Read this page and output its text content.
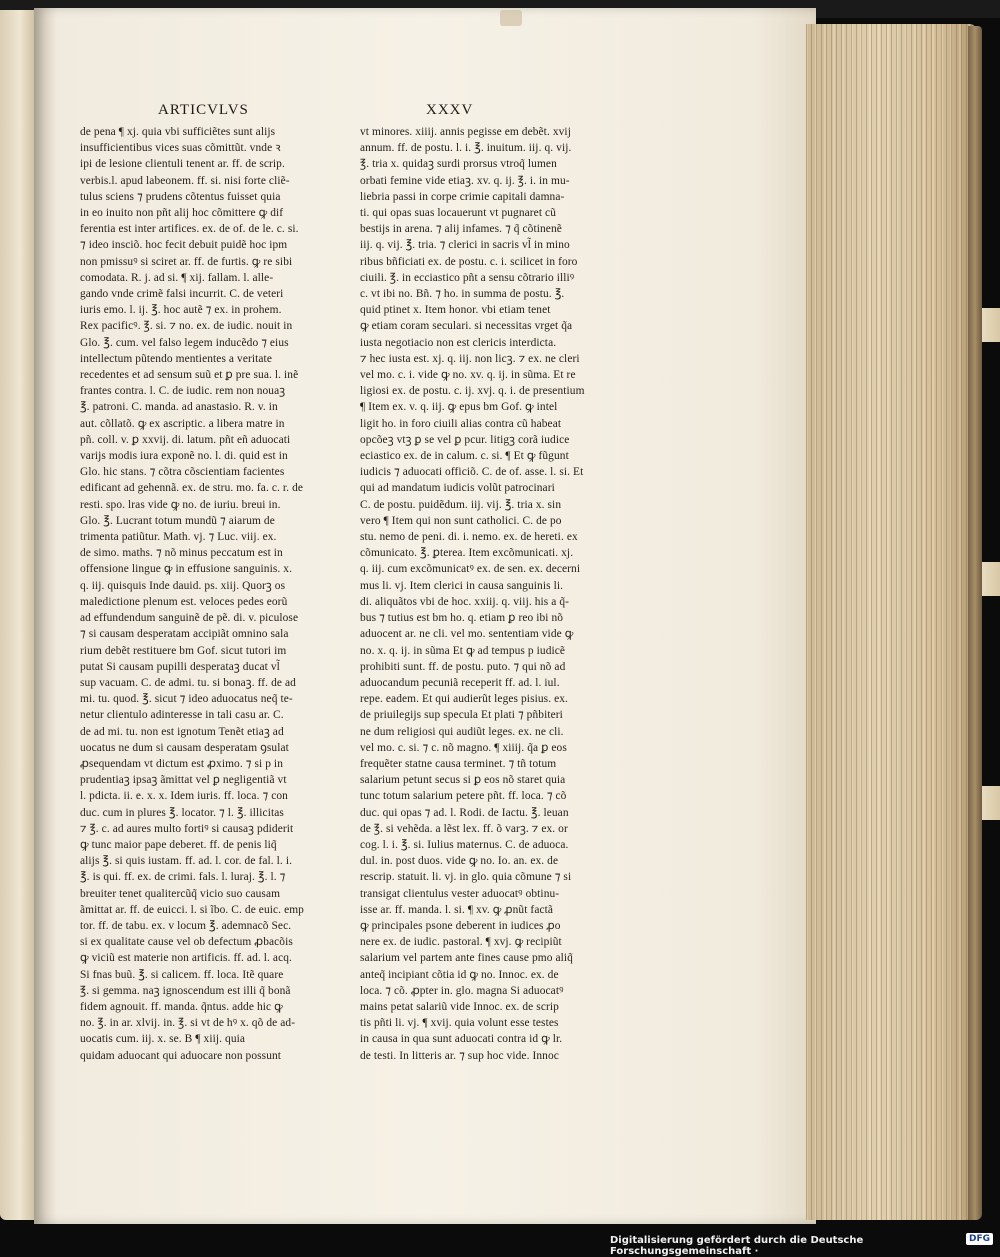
ARTICVLVS	XXXV
de pena ¶ xj. quia vbi sufficiẽtes sunt alijs
insufficientibus vices suas cõmittũt. vnde ꝛ
ipi de lesione clientuli tenent ar. ff. de scrip.
verbis.l. apud labeonem. ff. si. nisi forte cliẽ-
tulus sciens ⁊ prudens cõtentus fuisset quia
in eo inuito non pñt alij hoc cõmittere ꝙ dif
ferentia est inter artifices. ex. de of. de le. c. si.
⁊ ideo insciõ. hoc fecit debuit puidẽ hoc ipm
non pmissuꝰ si sciret ar. ff. de furtis. ꝙ re sibi
comodata. R. j. ad si. ¶ xij. fallam. l. alle-
gando vnde crimẽ falsi incurrit. C. de veteri
iuris emo. l. ij. ℥. hoc autẽ ⁊ ex. in prohem.
Rex pacificꝰ. ℥. si. ⁊ no. ex. de iudic. nouit in
Glo. ℥. cum. vel falso legem inducẽdo ⁊ eius
intellectum pũtendo mentientes a veritate
recedentes et ad sensum suũ et ꝑ pre sua. l. inẽ
frantes contra. l. C. de iudic. rem non nouaꝫ
℥. patroni. C. manda. ad anastasio. R. v. in
aut. cõllatõ. ꝙ ex ascriptic. a libera matre in
pñ. coll. v. ꝑ xxvij. di. latum. pñt eñ aduocati
varijs modis iura exponẽ no. l. di. quid est in
Glo. hic stans. ⁊ cõtra cõscientiam facientes
edificant ad gehennã. ex. de stru. mo. fa. c. r. de
resti. spo. lras vide ꝙ no. de iuriu. breui in.
Glo. ℥. Lucrant totum mundũ ⁊ aiarum de
trimenta patiũtur. Math. vj. ⁊ Luc. viij. ex.
de simo. maths. ⁊ nõ minus peccatum est in
offensione lingue ꝙ in effusione sanguinis. x.
q. iij. quisquis Inde dauid. ps. xiij. Quorꝫ os
maledictione plenum est. veloces pedes eorũ
ad effundendum sanguinẽ de pẽ. di. v. piculose
⁊ si causam desperatam accipiãt omnino sala
rium debẽt restituere bm Gof. sicut tutori im
putat Si causam pupilli desperataꝫ ducat vl̃
sup vacuam. C. de admi. tu. si bonaꝫ. ff. de ad
mi. tu. quod. ℥. sicut ⁊ ideo aduocatus neq̃ te-
netur clientulo adinteresse in tali casu ar. C.
de ad mi. tu. non est ignotum Tenẽt etiaꝫ ad
uocatus ne dum si causam desperatam ꝯsulat
ꝓsequendam vt dictum est ꝓximo. ⁊ si p in
prudentiaꝫ ipsaꝫ ãmittat vel ꝑ negligentiã vt
l. pdicta. ii. e. x. x. Idem iuris. ff. loca. ⁊ con
duc. cum in plures ℥. locator. ⁊ l. ℥. illicitas
⁊ ℥. c. ad aures multo fortiꝰ si causaꝫ pdiderit
ꝙ tunc maior pape deberet. ff. de penis liq̃
alijs ℥. si quis iustam. ff. ad. l. cor. de fal. l. i.
℥. is qui. ff. ex. de crimi. fals. l. luraj. ℥. l. ⁊
breuiter tenet qualitercũq̃ vicio suo causam
ãmittat ar. ff. de euicci. l. si ĩbo. C. de euic. emp
tor. ff. de tabu. ex. v locum ℥. ademnacõ Sec.
si ex qualitate cause vel ob defectum ꝓbacõis
ꝙ viciũ est materie non artificis. ff. ad. l. acq.
Si fnas buũ. ℥. si calicem. ff. loca. Itẽ quare
℥. si gemma. naꝫ ignoscendum est illi q̃ bonã
fidem agnouit. ff. manda. q̃ntus. adde hic ꝙ
no. ℥. in ar. xlvij. in. ℥. si vt de hꝰ x. qõ de ad-
uocatis cum. iij. x. se. B ¶ xiij. quia
quidam aduocant qui aduocare non possunt
vt minores. xiiij. annis pegisse em debẽt. xvij
annum. ff. de postu. l. i. ℥. inuitum. iij. q. vij.
℥. tria x. quidaꝫ surdi prorsus vtroq̃ lumen
orbati femine vide etiaꝫ. xv. q. ij. ℥. i. in mu-
liebria passi in corpe crimie capitali damna-
ti. qui opas suas locauerunt vt pugnaret cũ
bestijs in arena. ⁊ alij infames. ⁊ q̃ cõtinenẽ
iij. q. vij. ℥. tria. ⁊ clerici in sacris vl̃ in mino
ribus bñficiati ex. de postu. c. i. scilicet in foro
ciuili. ℥. in ecciastico pñt a sensu cõtrario illiꝰ
c. vt ibi no. Bñ. ⁊ ho. in summa de postu. ℥.
quid ptinet x. Item honor. vbi etiam tenet
ꝙ etiam coram seculari. si necessitas vrget q̃a
iusta negotiacio non est clericis interdicta.
⁊ hec iusta est. xj. q. iij. non licꝫ. ⁊ ex. ne cleri
vel mo. c. i. vide ꝙ no. xv. q. ij. in sũma. Et re
ligiosi ex. de postu. c. ij. xvj. q. i. de presentium
¶ Item ex. v. q. iij. ꝙ epus bm Gof. ꝙ intel
ligit ho. in foro ciuili alias contra cũ habeat
opcõeꝫ vtꝫ ꝑ se vel ꝑ pcur. litigꝫ corã iudice
eciastico ex. de in calum. c. si. ¶ Et ꝙ fũgunt
iudicis ⁊ aduocati officiõ. C. de of. asse. l. si. Et
qui ad mandatum iudicis volũt patrocinari
C. de postu. puidẽdum. iij. vij. ℥. tria x. sin
vero ¶ Item qui non sunt catholici. C. de po
stu. nemo de peni. di. i. nemo. ex. de hereti. ex
cõmunicato. ℥. ꝑterea. Item excõmunicati. xj.
q. iij. cum excõmunicatꝰ ex. de sen. ex. decerni
mus li. vj. Item clerici in causa sanguinis li.
di. aliquãtos vbi de hoc. xxiij. q. viij. his a q̃-
bus ⁊ tutius est bm ho. q. etiam ꝑ reo ibi nõ
aduocent ar. ne cli. vel mo. sententiam vide ꝙ
no. x. q. ij. in sũma Et ꝙ ad tempus p iudicẽ
prohibiti sunt. ff. de postu. puto. ⁊ qui nõ ad
aduocandum pecuniã receperit ff. ad. l. iul.
repe. eadem. Et qui audierũt leges pisius. ex.
de priuilegijs sup specula Et plati ⁊ pñbiteri
ne dum religiosi qui audiũt leges. ex. ne cli.
vel mo. c. si. ⁊ c. nõ magno. ¶ xiiij. q̃a ꝑ eos
frequẽter statne causa terminet. ⁊ tñ totum
salarium petunt secus si ꝑ eos nõ staret quia
tunc totum salarium petere pñt. ff. loca. ⁊ cõ
duc. qui opas ⁊ ad. l. Rodi. de Iactu. ℥. leuan
de ℥. si vehẽda. a lẽst lex. ff. õ varꝫ. ⁊ ex. or
cog. l. i. ℥. si. Iulius maternus. C. de aduoca.
dul. in. post duos. vide ꝙ no. Io. an. ex. de
rescrip. statuit. li. vj. in glo. quia cõmune ⁊ si
transigat clientulus vester aduocatꝰ obtinu-
isse ar. ff. manda. l. si. ¶ xv. ꝙ ꝓnũt factã
ꝙ principales psone deberent in iudices ꝓo
nere ex. de iudic. pastoral. ¶ xvj. ꝙ recipiũt
salarium vel partem ante fines cause pmo aliq̃
anteq̃ incipiant cõtia id ꝙ no. Innoc. ex. de
loca. ⁊ cõ. ꝓpter in. glo. magna Si aduocatꝰ
mains petat salariũ vide Innoc. ex. de scrip
tis pñti li. vj. ¶ xvij. quia volunt esse testes
in causa in qua sunt aduocati contra id ꝙ lr.
de testi. In litteris ar. ⁊ sup hoc vide. Innoc
Digitalisierung gefördert durch die Deutsche Forschungsgemeinschaft ·
DFG
